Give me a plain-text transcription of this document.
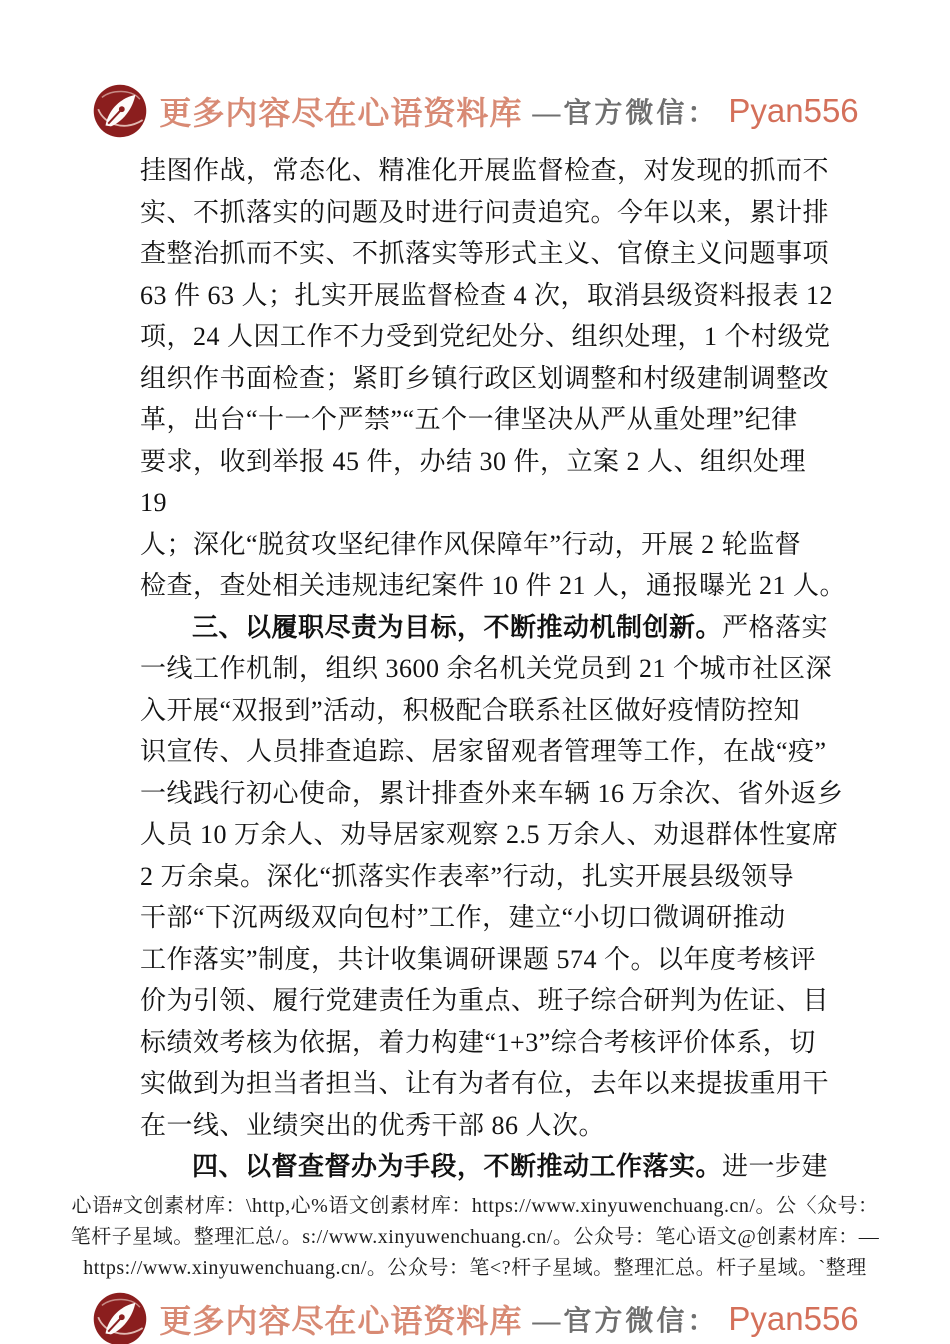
更多内容尽在心语资料库 —官方微信： Pyan556
挂图作战，常态化、精准化开展监督检查，对发现的抓而不
实、不抓落实的问题及时进行问责追究。今年以来，累计排
查整治抓而不实、不抓落实等形式主义、官僚主义问题事项
63 件 63 人；扎实开展监督检查 4 次，取消县级资料报表 12
项，24 人因工作不力受到党纪处分、组织处理，1 个村级党
组织作书面检查；紧盯乡镇行政区划调整和村级建制调整改
革，出台“十一个严禁”“五个一律坚决从严从重处理”纪律
要求，收到举报 45 件，办结 30 件，立案 2 人、组织处理
19
人；深化“脱贫攻坚纪律作风保障年”行动，开展 2 轮监督
检查，查处相关违规违纪案件 10 件 21 人，通报曝光 21 人。
三、以履职尽责为目标，不断推动机制创新。严格落实
一线工作机制，组织 3600 余名机关党员到 21 个城市社区深
入开展“双报到”活动，积极配合联系社区做好疫情防控知
识宣传、人员排查追踪、居家留观者管理等工作，在战“疫”
一线践行初心使命，累计排查外来车辆 16 万余次、省外返乡
人员 10 万余人、劝导居家观察 2.5 万余人、劝退群体性宴席
2 万余桌。深化“抓落实作表率”行动，扎实开展县级领导
干部“下沉两级双向包村”工作，建立“小切口微调研推动
工作落实”制度，共计收集调研课题 574 个。以年度考核评
价为引领、履行党建责任为重点、班子综合研判为佐证、目
标绩效考核为依据，着力构建“1+3”综合考核评价体系，切
实做到为担当者担当、让有为者有位，去年以来提拔重用干
在一线、业绩突出的优秀干部 86 人次。
四、以督查督办为手段，不断推动工作落实。进一步建
心语#文创素材库：\http,心%语文创素材库：https://www.xinyuwenchuang.cn/。公〈众号：
笔杆子星域。整理汇总/。s://www.xinyuwenchuang.cn/。公众号：笔心语文@创素材库：—
https://www.xinyuwenchuang.cn/。公众号：笔<?杆子星域。整理汇总。杆子星域。`整理
更多内容尽在心语资料库 —官方微信： Pyan556
